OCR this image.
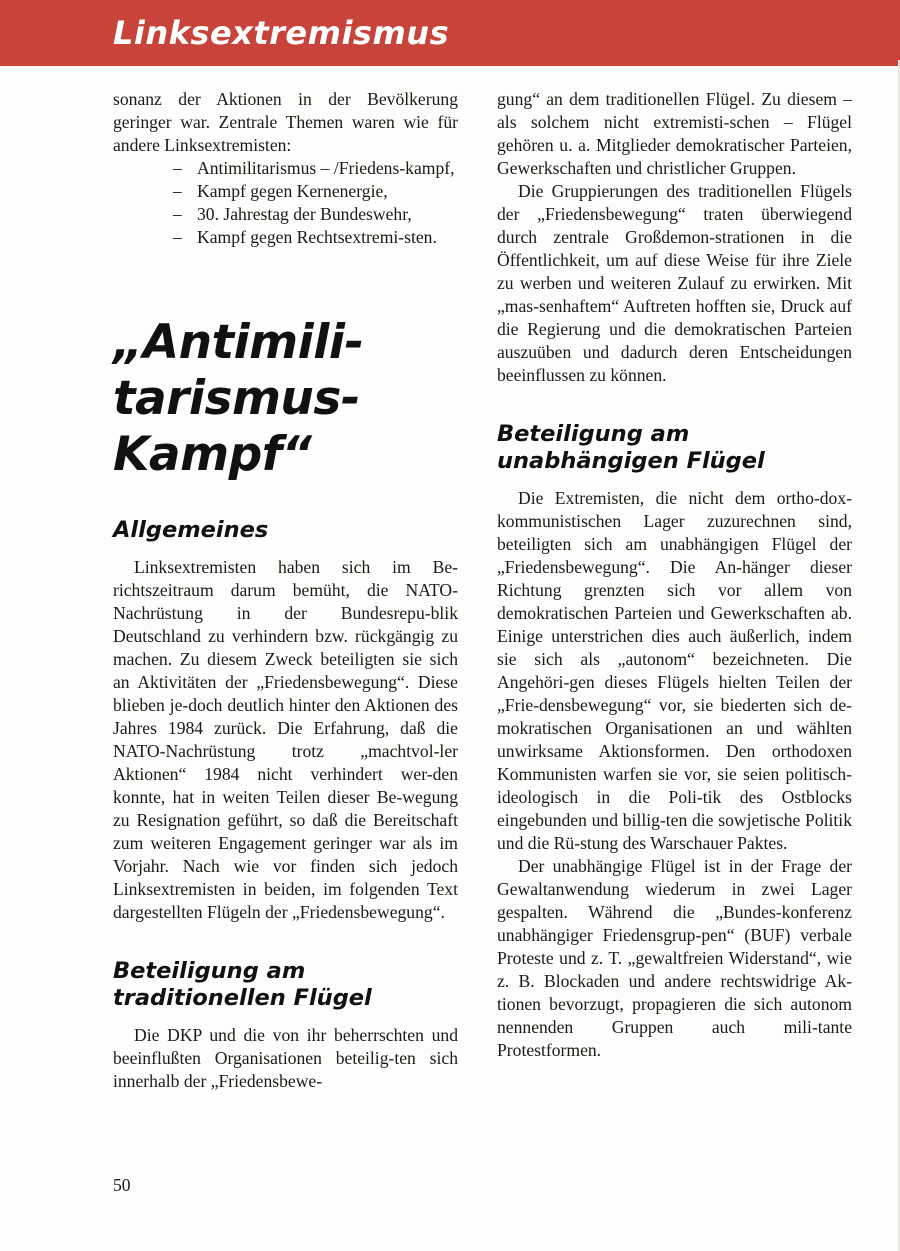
Linksextremismus

sonanz der Aktionen in der Bevölkerung geringer war. Zentrale Themen waren wie für andere Linksextremisten:

– Antimilitarismus – /Friedens-kampf,
– Kampf gegen Kernenergie,
– 30. Jahrestag der Bundeswehr,
– Kampf gegen Rechtsextremi-sten.
„Antimili-
tarismus-
Kampf“
Allgemeines

Linksextremisten haben sich im Be-richtszeitraum darum bemüht, die NATO-Nachrüstung in der Bundesrepu-blik Deutschland zu verhindern bzw. rückgängig zu machen. Zu diesem Zweck beteiligten sie sich an Aktivitäten der „Friedensbewegung“. Diese blieben je-doch deutlich hinter den Aktionen des Jahres 1984 zurück. Die Erfahrung, daß die NATO-Nachrüstung trotz „machtvol-ler Aktionen“ 1984 nicht verhindert wer-den konnte, hat in weiten Teilen dieser Be-wegung zu Resignation geführt, so daß die Bereitschaft zum weiteren Engagement geringer war als im Vorjahr. Nach wie vor finden sich jedoch Linksextremisten in beiden, im folgenden Text dargestellten Flügeln der „Friedensbewegung“.

Beteiligung am
traditionellen Flügel

Die DKP und die von ihr beherrschten und beeinflußten Organisationen beteilig-ten sich innerhalb der „Friedensbewe-

gung“ an dem traditionellen Flügel. Zu diesem – als solchem nicht extremisti-schen – Flügel gehören u. a. Mitglieder demokratischer Parteien, Gewerkschaften und christlicher Gruppen.

Die Gruppierungen des traditionellen Flügels der „Friedensbewegung“ traten überwiegend durch zentrale Großdemon-strationen in die Öffentlichkeit, um auf diese Weise für ihre Ziele zu werben und weiteren Zulauf zu erwirken. Mit „mas-senhaftem“ Auftreten hofften sie, Druck auf die Regierung und die demokratischen Parteien auszuüben und dadurch deren Entscheidungen beeinflussen zu können.

Beteiligung am
unabhängigen Flügel

Die Extremisten, die nicht dem ortho-dox-kommunistischen Lager zuzurechnen sind, beteiligten sich am unabhängigen Flügel der „Friedensbewegung“. Die An-hänger dieser Richtung grenzten sich vor allem von demokratischen Parteien und Gewerkschaften ab. Einige unterstrichen dies auch äußerlich, indem sie sich als „autonom“ bezeichneten. Die Angehöri-gen dieses Flügels hielten Teilen der „Frie-densbewegung“ vor, sie biederten sich de-mokratischen Organisationen an und wählten unwirksame Aktionsformen. Den orthodoxen Kommunisten warfen sie vor, sie seien politisch-ideologisch in die Poli-tik des Ostblocks eingebunden und billig-ten die sowjetische Politik und die Rü-stung des Warschauer Paktes.

Der unabhängige Flügel ist in der Frage der Gewaltanwendung wiederum in zwei Lager gespalten. Während die „Bundes-konferenz unabhängiger Friedensgrup-pen“ (BUF) verbale Proteste und z. T. „gewaltfreien Widerstand“, wie z. B. Blockaden und andere rechtswidrige Ak-tionen bevorzugt, propagieren die sich autonom nennenden Gruppen auch mili-tante Protestformen.

50
